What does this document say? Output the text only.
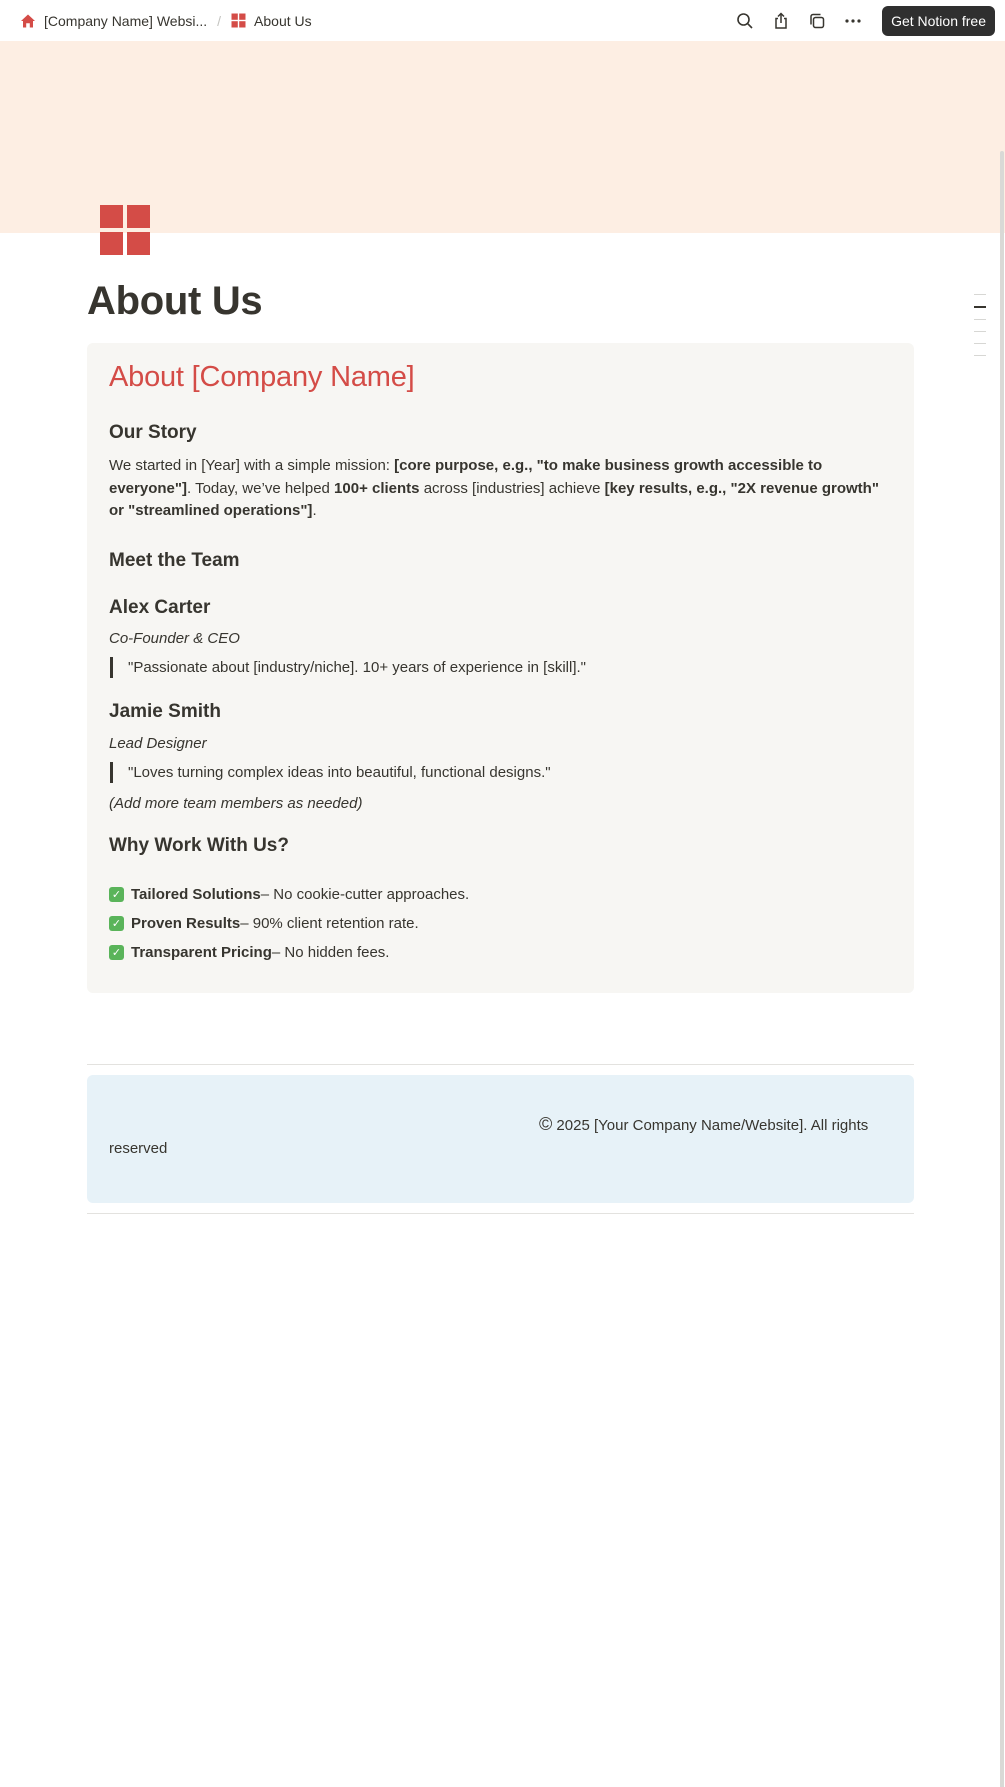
[Company Name] Websi... / About Us	Get Notion free
About Us
About [Company Name]
Our Story

We started in [Year] with a simple mission: [core purpose, e.g., "to make business growth accessible to everyone"]. Today, we’ve helped 100+ clients across [industries] achieve [key results, e.g., "2X revenue growth" or "streamlined operations"].

Meet the Team
Alex Carter
Co-Founder & CEO
"Passionate about [industry/niche]. 10+ years of experience in [skill]."
Jamie Smith
Lead Designer
"Loves turning complex ideas into beautiful, functional designs."
(Add more team members as needed)
Why Work With Us?
✓ Tailored Solutions – No cookie-cutter approaches.
✓ Proven Results – 90% client retention rate.
✓ Transparent Pricing – No hidden fees.

© 2025 [Your Company Name/Website]. All rights reserved
